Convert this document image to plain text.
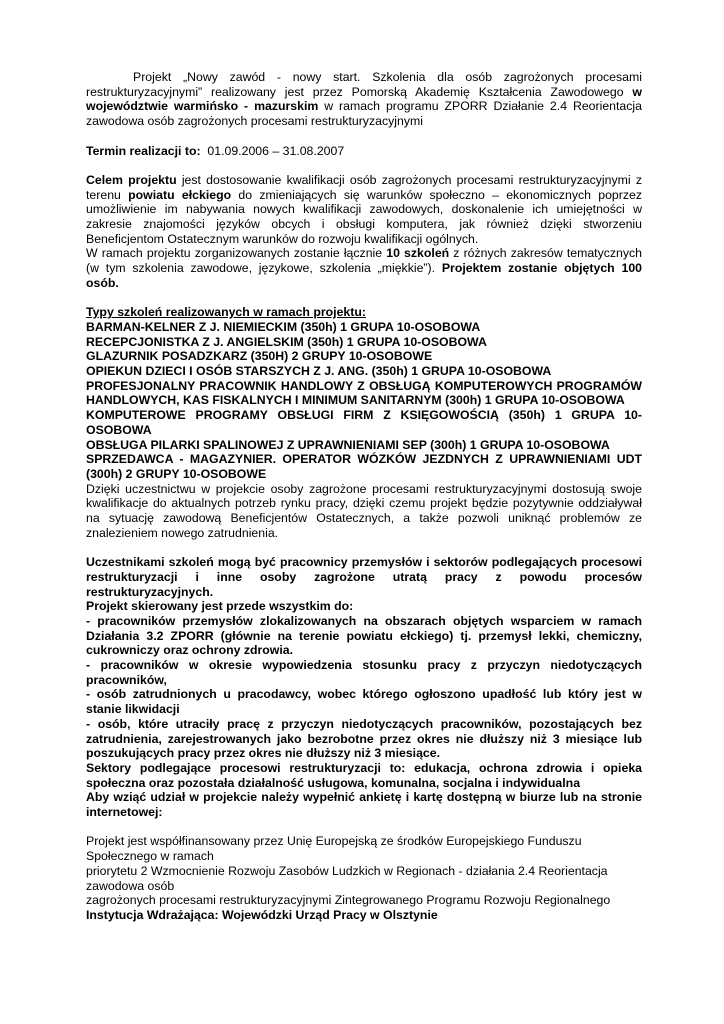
Projekt „Nowy zawód - nowy start. Szkolenia dla osób zagrożonych procesami restrukturyzacyjnymi” realizowany jest przez Pomorską Akademię Kształcenia Zawodowego w województwie warmińsko - mazurskim w ramach programu ZPORR Działanie 2.4 Reorientacja zawodowa osób zagrożonych procesami restrukturyzacyjnymi

Termin realizacji to:  01.09.2006 – 31.08.2007

Celem projektu jest dostosowanie kwalifikacji osób zagrożonych procesami restrukturyzacyjnymi z terenu powiatu ełckiego do zmieniających się warunków społeczno – ekonomicznych poprzez umożliwienie im nabywania nowych kwalifikacji zawodowych, doskonalenie ich umiejętności w zakresie znajomości języków obcych i obsługi komputera, jak również dzięki stworzeniu Beneficjentom Ostatecznym warunków do rozwoju kwalifikacji ogólnych.

W ramach projektu zorganizowanych zostanie łącznie 10 szkoleń z różnych zakresów tematycznych (w tym szkolenia zawodowe, językowe, szkolenia „miękkie”). Projektem zostanie objętych 100 osób.

Typy szkoleń realizowanych w ramach projektu:

BARMAN-KELNER Z J. NIEMIECKIM (350h) 1 GRUPA 10-OSOBOWA

RECEPCJONISTKA Z J. ANGIELSKIM (350h) 1 GRUPA 10-OSOBOWA

GLAZURNIK POSADZKARZ (350H) 2 GRUPY 10-OSOBOWE

OPIEKUN DZIECI I OSÓB STARSZYCH Z J. ANG. (350h) 1 GRUPA 10-OSOBOWA

PROFESJONALNY PRACOWNIK HANDLOWY Z OBSŁUGĄ KOMPUTEROWYCH PROGRAMÓW HANDLOWYCH, KAS FISKALNYCH I MINIMUM SANITARNYM (300h) 1 GRUPA 10-OSOBOWA

KOMPUTEROWE PROGRAMY OBSŁUGI FIRM Z KSIĘGOWOŚCIĄ (350h) 1 GRUPA 10-OSOBOWA

OBSŁUGA PILARKI SPALINOWEJ Z UPRAWNIENIAMI SEP (300h) 1 GRUPA 10-OSOBOWA

SPRZEDAWCA - MAGAZYNIER. OPERATOR WÓZKÓW JEZDNYCH Z UPRAWNIENIAMI UDT (300h) 2 GRUPY 10-OSOBOWE

Dzięki uczestnictwu w projekcie osoby zagrożone procesami restrukturyzacyjnymi dostosują swoje kwalifikacje do aktualnych potrzeb rynku pracy, dzięki czemu projekt będzie pozytywnie oddziaływał na sytuację zawodową Beneficjentów Ostatecznych, a także pozwoli uniknąć problemów ze znalezieniem nowego zatrudnienia.

Uczestnikami szkoleń mogą być pracownicy przemysłów i sektorów podlegających procesowi restrukturyzacji i inne osoby zagrożone utratą pracy z powodu procesów restrukturyzacyjnych.

Projekt skierowany jest przede wszystkim do:

- pracowników przemysłów zlokalizowanych na obszarach objętych wsparciem w ramach Działania 3.2 ZPORR (głównie na terenie powiatu ełckiego) tj. przemysł lekki, chemiczny, cukrowniczy oraz ochrony zdrowia.

- pracowników w okresie wypowiedzenia stosunku pracy z przyczyn niedotyczących pracowników,

- osób zatrudnionych u pracodawcy, wobec którego ogłoszono upadłość lub który jest w stanie likwidacji

- osób, które utraciły pracę z przyczyn niedotyczących pracowników, pozostających bez zatrudnienia, zarejestrowanych jako bezrobotne przez okres nie dłuższy niż 3 miesiące lub poszukujących pracy przez okres nie dłuższy niż 3 miesiące.

Sektory podlegające procesowi restrukturyzacji to: edukacja, ochrona zdrowia i opieka społeczna oraz pozostała działalność usługowa, komunalna, socjalna i indywidualna

Aby wziąć udział w projekcie należy wypełnić ankietę i kartę dostępną w biurze lub na stronie internetowej:

Projekt jest współfinansowany przez Unię Europejską ze środków Europejskiego Funduszu Społecznego w ramach

priorytetu 2 Wzmocnienie Rozwoju Zasobów Ludzkich w Regionach - działania 2.4 Reorientacja zawodowa osób

zagrożonych procesami restrukturyzacyjnymi Zintegrowanego Programu Rozwoju Regionalnego

Instytucja Wdrażająca: Wojewódzki Urząd Pracy w Olsztynie
